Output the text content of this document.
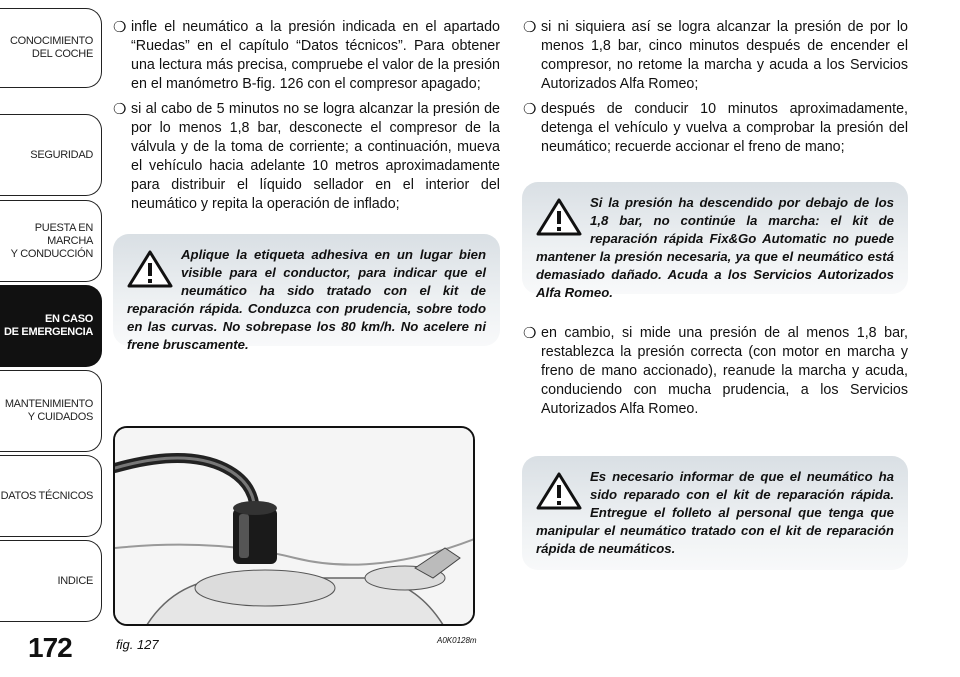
CONOCIMIENTO
DEL COCHE
SEGURIDAD
PUESTA EN MARCHA
Y CONDUCCIÓN
EN CASO
DE EMERGENCIA
MANTENIMIENTO
Y CUIDADOS
DATOS TÉCNICOS
INDICE
172
❍ infle el neumático a la presión indicada en el apartado “Ruedas” en el capítulo “Datos técnicos”. Para obtener una lectura más precisa, compruebe el valor de la presión en el manómetro B-fig. 126 con el compresor apagado;
❍ si al cabo de 5 minutos no se logra alcanzar la presión de por lo menos 1,8 bar, desconecte el compresor de la válvula y de la toma de corriente; a continuación, mueva el vehículo hacia adelante 10 metros aproximadamente para distribuir el líquido sellador en el interior del neumático y repita la operación de inflado;

Aplique la etiqueta adhesiva en un lugar bien visible para el conductor, para indicar que el neumático ha sido tratado con el kit de reparación rápida. Conduzca con prudencia, sobre todo en las curvas. No sobrepase los 80 km/h. No acelere ni frene bruscamente.

fig. 127	A0K0128m
❍ si ni siquiera así se logra alcanzar la presión de por lo menos 1,8 bar, cinco minutos después de encender el compresor, no retome la marcha y acuda a los Servicios Autorizados Alfa Romeo;
❍ después de conducir 10 minutos aproximadamente, detenga el vehículo y vuelva a comprobar la presión del neumático; recuerde accionar el freno de mano;

Si la presión ha descendido por debajo de los 1,8 bar, no continúe la marcha: el kit de reparación rápida Fix&Go Automatic no puede mantener la presión necesaria, ya que el neumático está demasiado dañado. Acuda a los Servicios Autorizados Alfa Romeo.

❍ en cambio, si mide una presión de al menos 1,8 bar, restablezca la presión correcta (con motor en marcha y freno de mano accionado), reanude la marcha y acuda, conduciendo con mucha prudencia, a los Servicios Autorizados Alfa Romeo.

Es necesario informar de que el neumático ha sido reparado con el kit de reparación rápida. Entregue el folleto al personal que tenga que manipular el neumático tratado con el kit de reparación rápida de neumáticos.
